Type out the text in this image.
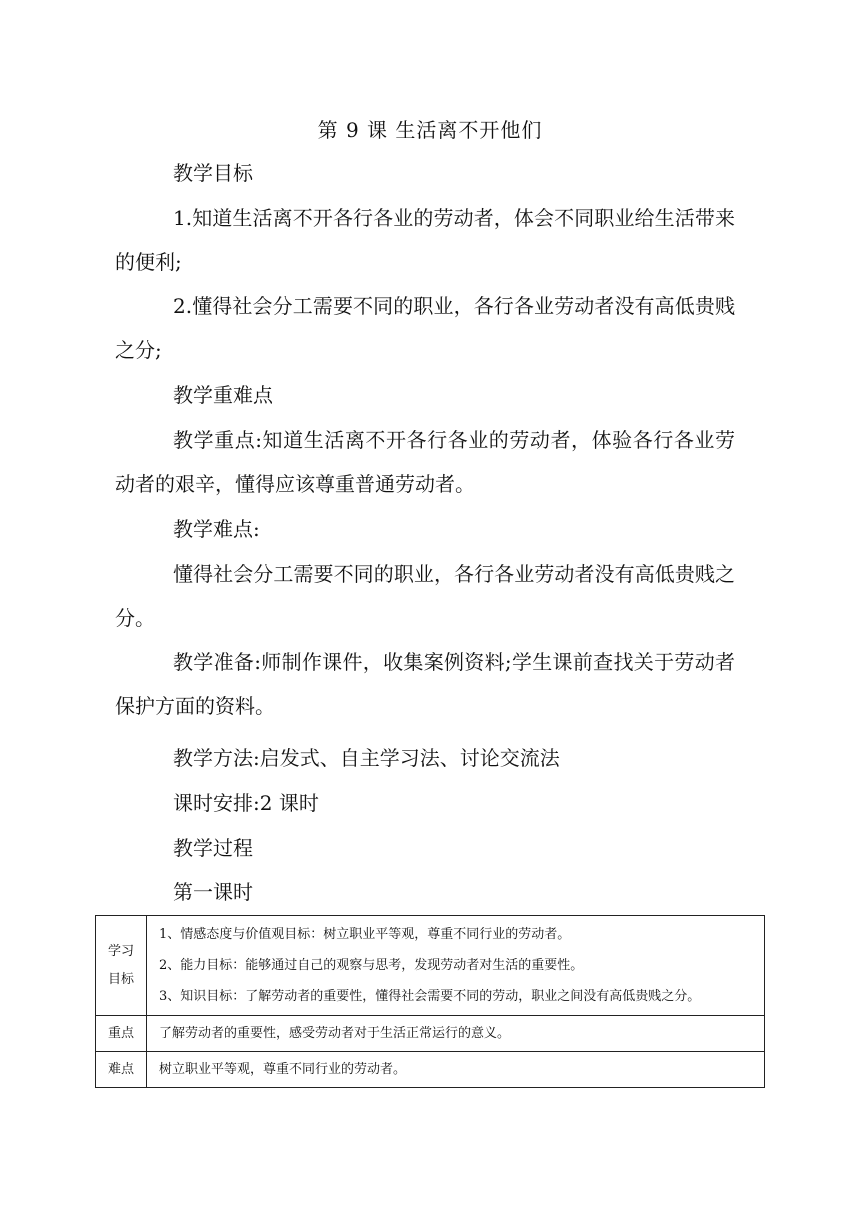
第 9 课 生活离不开他们
教学目标
1.知道生活离不开各行各业的劳动者，体会不同职业给生活带来的便利;
2.懂得社会分工需要不同的职业，各行各业劳动者没有高低贵贱之分;
教学重难点
教学重点:知道生活离不开各行各业的劳动者，体验各行各业劳动者的艰辛，懂得应该尊重普通劳动者。
教学难点:
懂得社会分工需要不同的职业，各行各业劳动者没有高低贵贱之分。
教学准备:师制作课件，收集案例资料;学生课前查找关于劳动者保护方面的资料。
教学方法:启发式、自主学习法、讨论交流法
课时安排:2 课时
教学过程
第一课时
学习
目标	1、情感态度与价值观目标：树立职业平等观，尊重不同行业的劳动者。
2、能力目标：能够通过自己的观察与思考，发现劳动者对生活的重要性。
3、知识目标：了解劳动者的重要性，懂得社会需要不同的劳动，职业之间没有高低贵贱之分。

重点	了解劳动者的重要性，感受劳动者对于生活正常运行的意义。
难点	树立职业平等观，尊重不同行业的劳动者。
